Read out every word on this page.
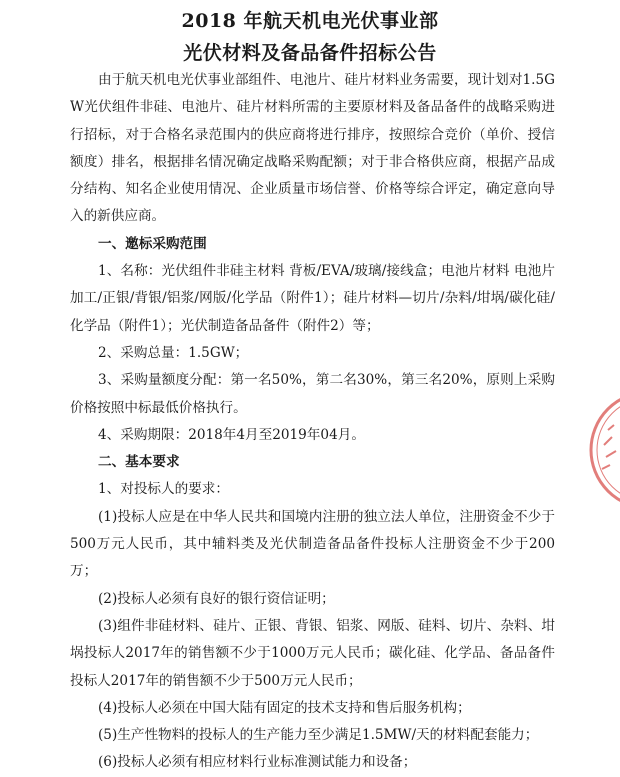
2018 年航天机电光伏事业部
光伏材料及备品备件招标公告

由于航天机电光伏事业部组件、电池片、硅片材料业务需要，现计划对1.5GW光伏组件非硅、电池片、硅片材料所需的主要原材料及备品备件的战略采购进行招标，对于合格名录范围内的供应商将进行排序，按照综合竞价（单价、授信额度）排名，根据排名情况确定战略采购配额；对于非合格供应商，根据产品成分结构、知名企业使用情况、企业质量市场信誉、价格等综合评定，确定意向导入的新供应商。

一、邀标采购范围

1、名称：光伏组件非硅主材料 背板/EVA/玻璃/接线盒；电池片材料 电池片加工/正银/背银/铝浆/网版/化学品（附件1）；硅片材料—切片/杂料/坩埚/碳化硅/化学品（附件1）；光伏制造备品备件（附件2）等；

2、采购总量：1.5GW；

3、采购量额度分配：第一名50%，第二名30%，第三名20%，原则上采购价格按照中标最低价格执行。

4、采购期限：2018年4月至2019年04月。

二、基本要求

1、对投标人的要求：

(1)投标人应是在中华人民共和国境内注册的独立法人单位，注册资金不少于500万元人民币，其中辅料类及光伏制造备品备件投标人注册资金不少于200万；

(2)投标人必须有良好的银行资信证明；

(3)组件非硅材料、硅片、正银、背银、铝浆、网版、硅料、切片、杂料、坩埚投标人2017年的销售额不少于1000万元人民币；碳化硅、化学品、备品备件投标人2017年的销售额不少于500万元人民币；

(4)投标人必须在中国大陆有固定的技术支持和售后服务机构；

(5)生产性物料的投标人的生产能力至少满足1.5MW/天的材料配套能力；

(6)投标人必须有相应材料行业标准测试能力和设备；
